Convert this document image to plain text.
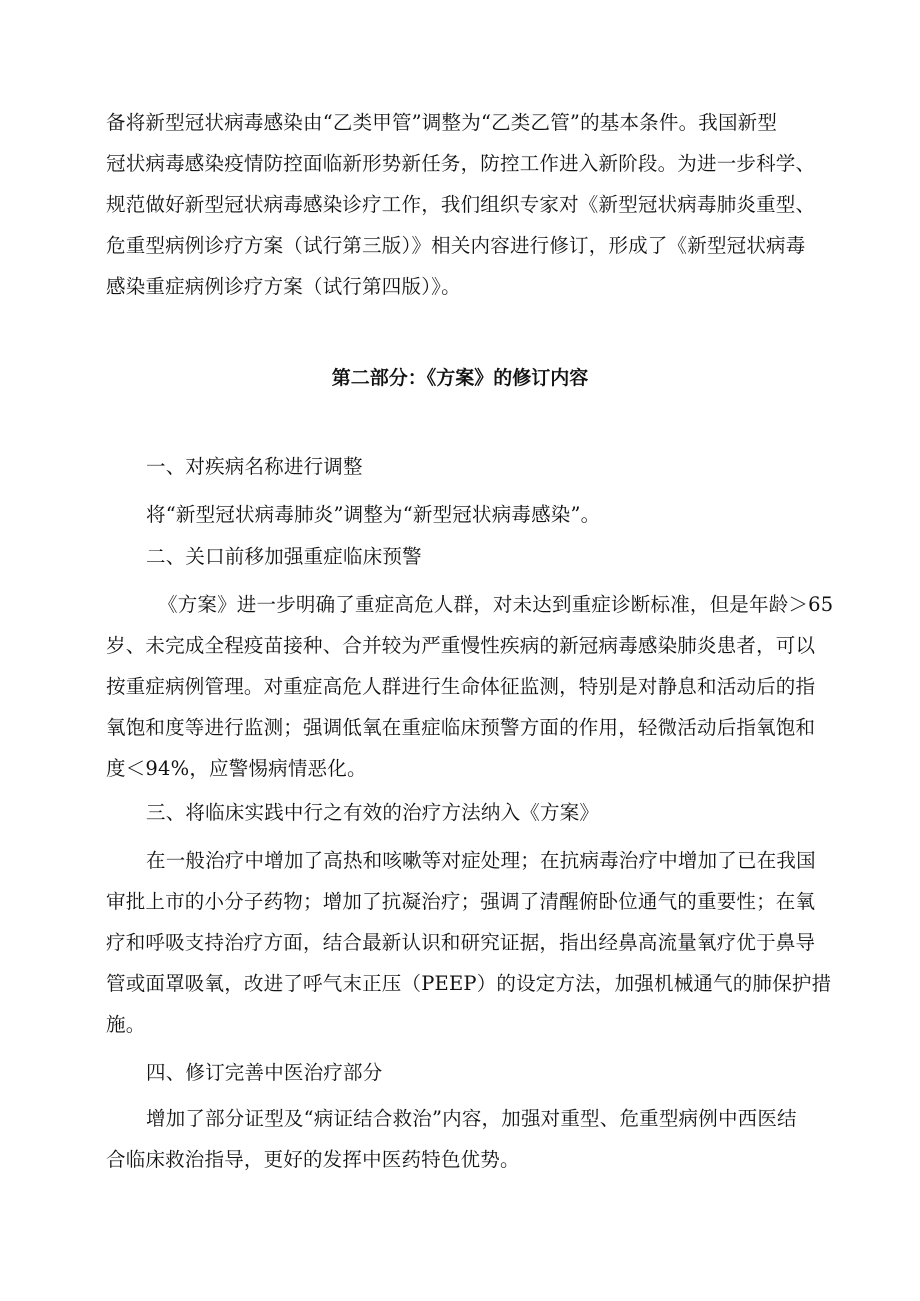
备将新型冠状病毒感染由“乙类甲管”调整为“乙类乙管”的基本条件。我国新型
冠状病毒感染疫情防控面临新形势新任务，防控工作进入新阶段。为进一步科学、
规范做好新型冠状病毒感染诊疗工作，我们组织专家对《新型冠状病毒肺炎重型、
危重型病例诊疗方案（试行第三版）》相关内容进行修订，形成了《新型冠状病毒
感染重症病例诊疗方案（试行第四版）》。
第二部分：《方案》的修订内容
一、对疾病名称进行调整
将“新型冠状病毒肺炎”调整为“新型冠状病毒感染”。
二、关口前移加强重症临床预警
《方案》进一步明确了重症高危人群，对未达到重症诊断标准，但是年龄＞65
岁、未完成全程疫苗接种、合并较为严重慢性疾病的新冠病毒感染肺炎患者，可以
按重症病例管理。对重症高危人群进行生命体征监测，特别是对静息和活动后的指
氧饱和度等进行监测；强调低氧在重症临床预警方面的作用，轻微活动后指氧饱和
度＜94%，应警惕病情恶化。
三、将临床实践中行之有效的治疗方法纳入《方案》
在一般治疗中增加了高热和咳嗽等对症处理；在抗病毒治疗中增加了已在我国
审批上市的小分子药物；增加了抗凝治疗；强调了清醒俯卧位通气的重要性；在氧
疗和呼吸支持治疗方面，结合最新认识和研究证据，指出经鼻高流量氧疗优于鼻导
管或面罩吸氧，改进了呼气末正压（PEEP）的设定方法，加强机械通气的肺保护措
施。
四、修订完善中医治疗部分
增加了部分证型及“病证结合救治”内容，加强对重型、危重型病例中西医结
合临床救治指导，更好的发挥中医药特色优势。
